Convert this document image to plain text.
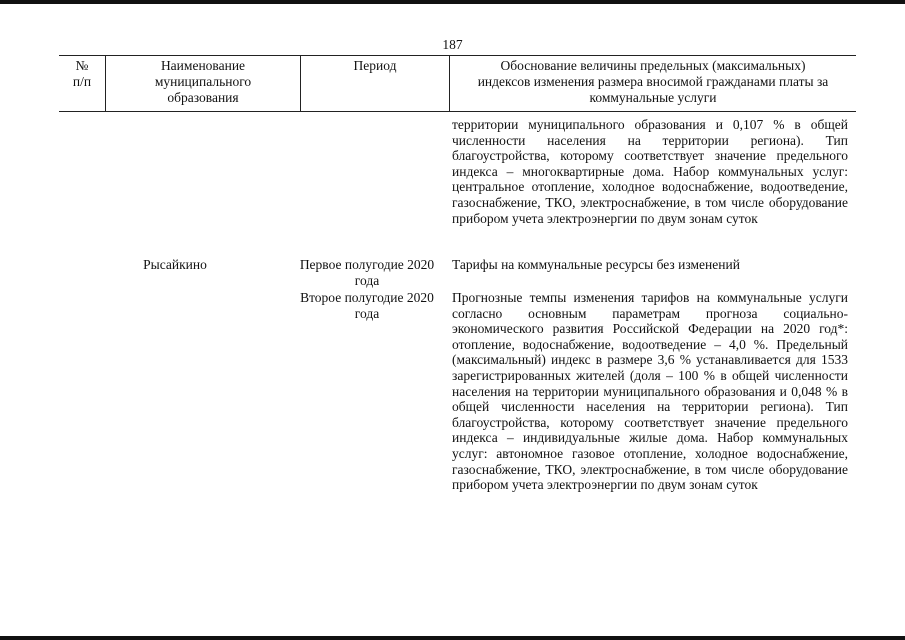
187
№ п/п
Наименование муниципального образования
Период	Обоснование величины предельных (максимальных) индексов изменения размера вносимой гражданами платы за коммунальные услуги

территории муниципального образования и 0,107 % в общей численности населения на территории региона). Тип благоустройства, которому соответствует значение предельного индекса – многоквартирные дома. Набор коммунальных услуг: центральное отопление, холодное водоснабжение, водоотведение, газоснабжение, ТКО, электроснабжение, в том числе оборудование прибором учета электроэнергии по двум зонам суток

Рысайкино	Первое полугодие 2020 года

Тарифы на коммунальные ресурсы без изменений

Второе полугодие 2020 года

Прогнозные темпы изменения тарифов на коммунальные услуги согласно основным параметрам прогноза социально-экономического развития Российской Федерации на 2020 год*: отопление, водоснабжение, водоотведение – 4,0 %. Предельный (максимальный) индекс в размере 3,6 % устанавливается для 1533 зарегистрированных жителей (доля – 100 % в общей численности населения на территории муниципального образования и 0,048 % в общей численности населения на территории региона). Тип благоустройства, которому соответствует значение предельного индекса – индивидуальные жилые дома. Набор коммунальных услуг: автономное газовое отопление, холодное водоснабжение, газоснабжение, ТКО, электроснабжение, в том числе оборудование прибором учета электроэнергии по двум зонам суток
